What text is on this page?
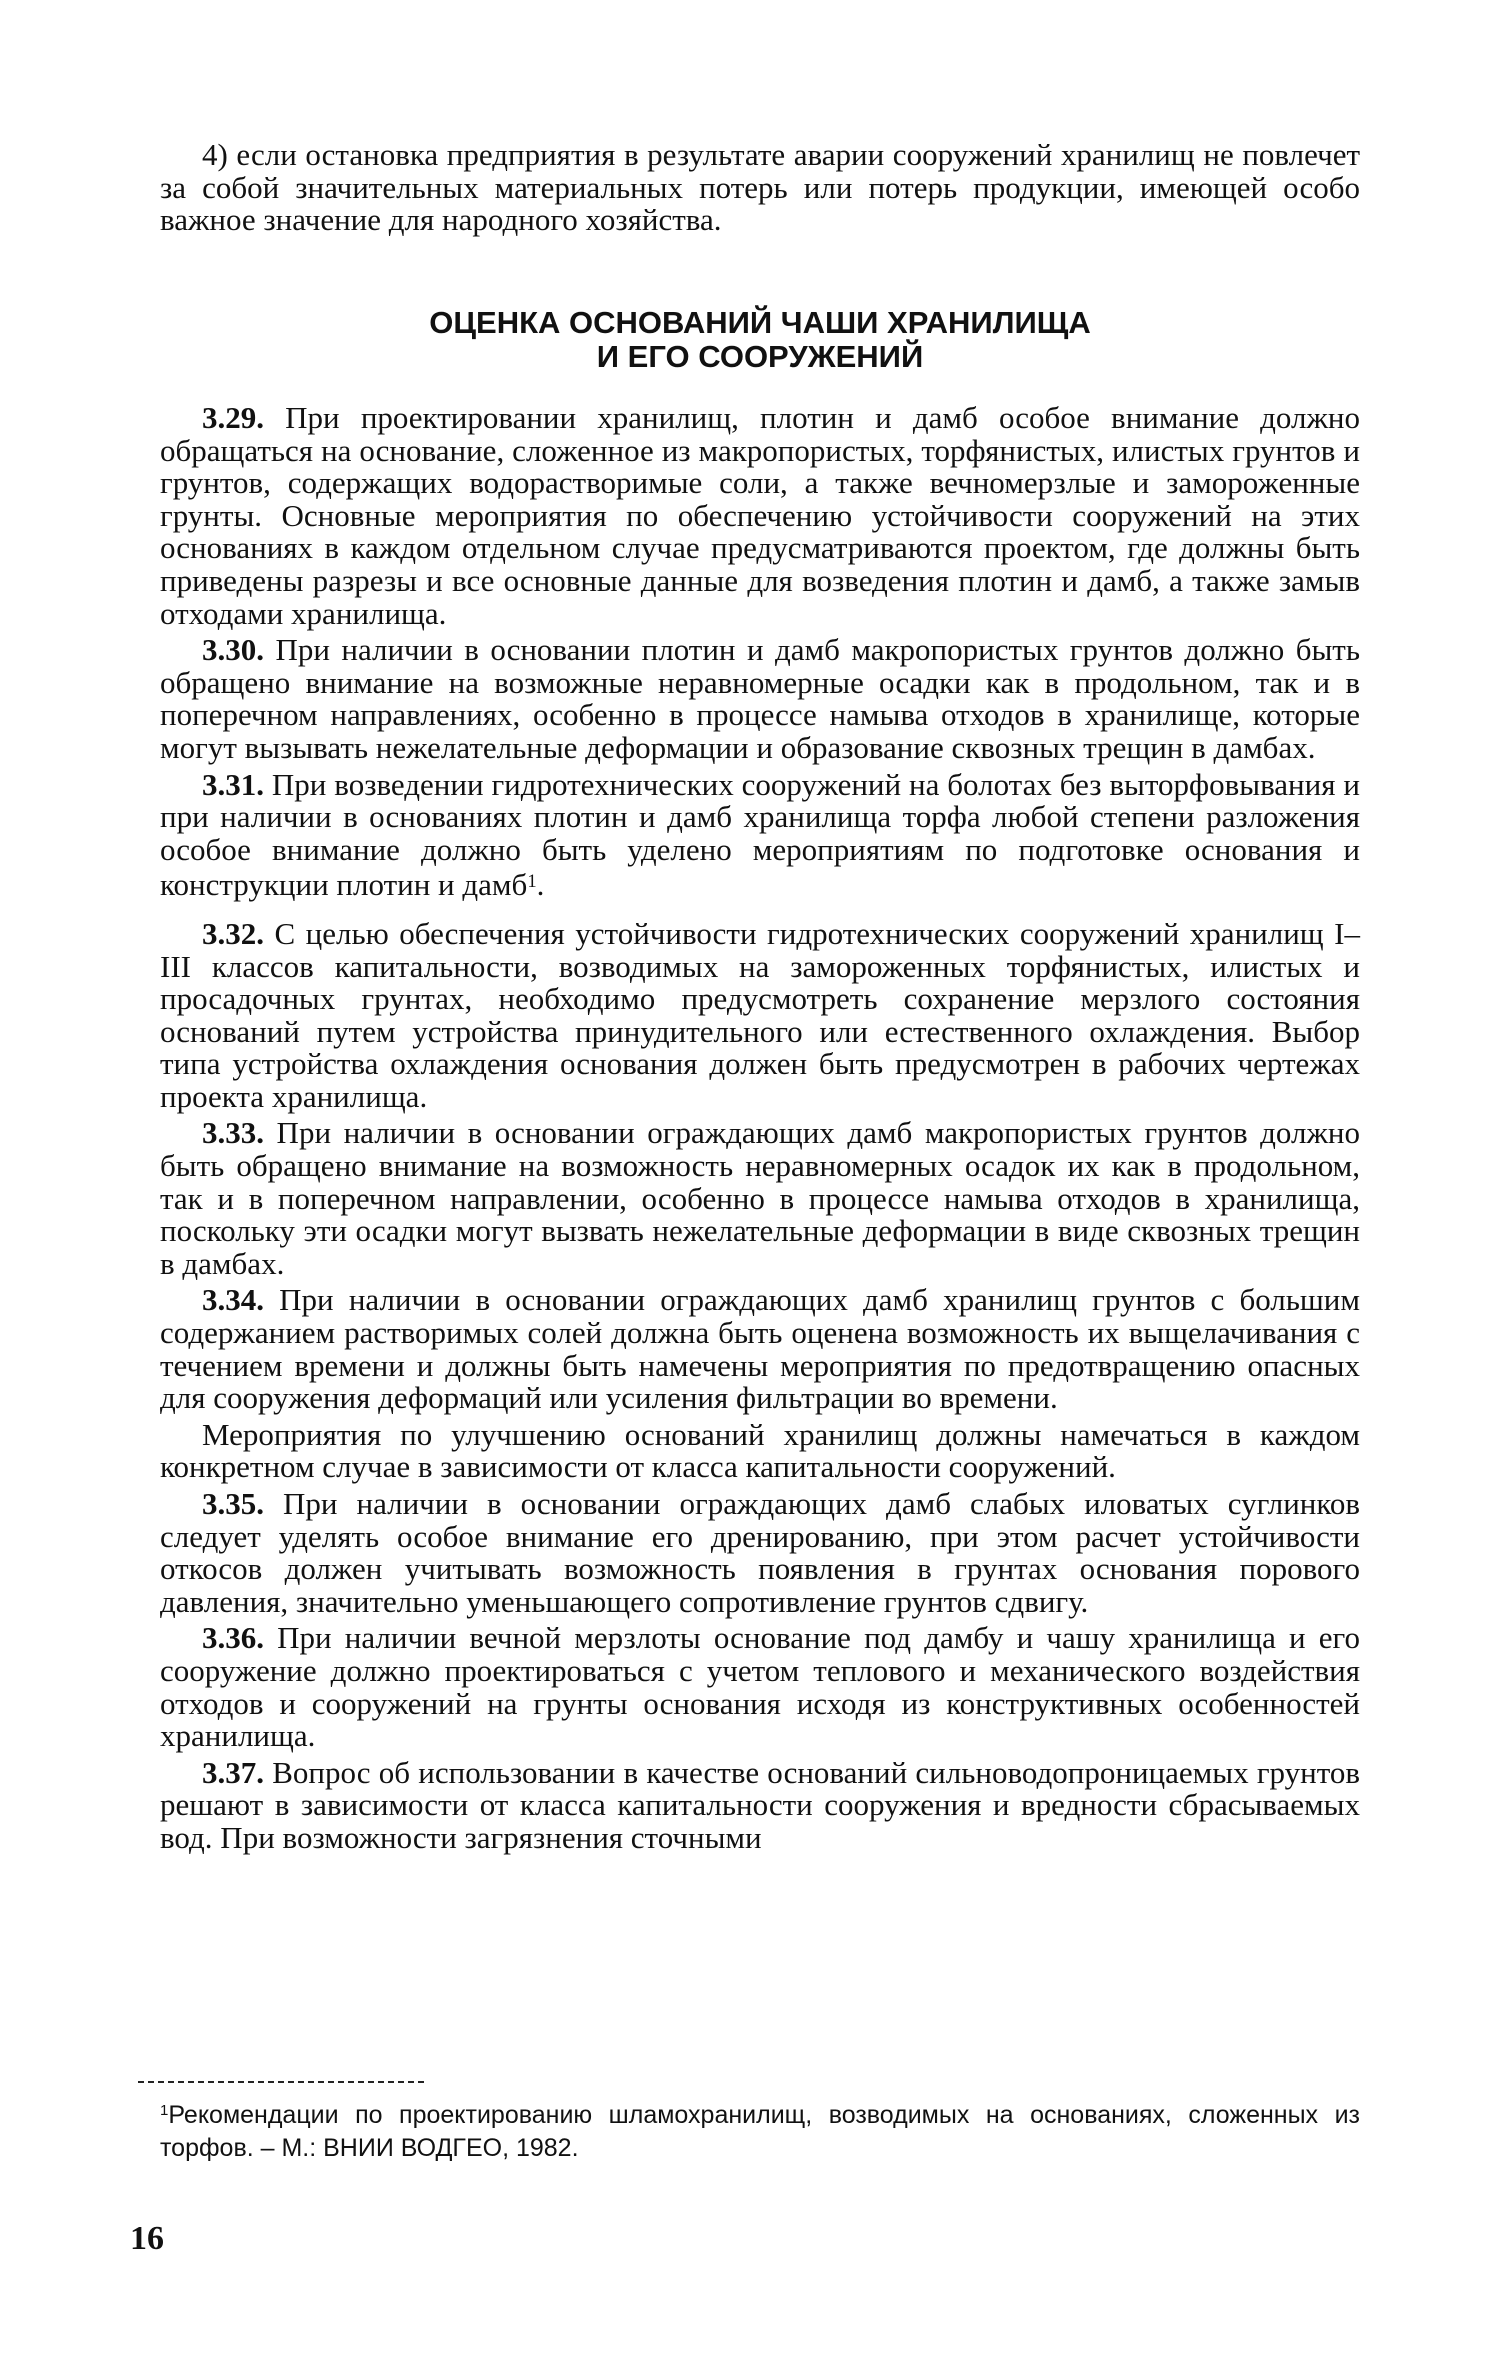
4) если остановка предприятия в результате аварии сооружений хранилищ не повлечет за собой значительных материальных потерь или потерь продукции, имеющей особо важное значение для народного хозяйства.

ОЦЕНКА ОСНОВАНИЙ ЧАШИ ХРАНИЛИЩА
И ЕГО СООРУЖЕНИЙ

3.29. При проектировании хранилищ, плотин и дамб особое внимание должно обращаться на основание, сложенное из макропористых, торфянистых, илистых грунтов и грунтов, содержащих водорастворимые соли, а также вечномерзлые и замороженные грунты. Основные мероприятия по обеспечению устойчивости сооружений на этих основаниях в каждом отдельном случае предусматриваются проектом, где должны быть приведены разрезы и все основные данные для возведения плотин и дамб, а также замыв отходами хранилища.

3.30. При наличии в основании плотин и дамб макропористых грунтов должно быть обращено внимание на возможные неравномерные осадки как в продольном, так и в поперечном направлениях, особенно в процессе намыва отходов в хранилище, которые могут вызывать нежелательные деформации и образование сквозных трещин в дамбах.

3.31. При возведении гидротехнических сооружений на болотах без выторфовывания и при наличии в основаниях плотин и дамб хранилища торфа любой степени разложения особое внимание должно быть уделено мероприятиям по подготовке основания и конструкции плотин и дамб$^1$.

3.32. С целью обеспечения устойчивости гидротехнических сооружений хранилищ I–III классов капитальности, возводимых на замороженных торфянистых, илистых и просадочных грунтах, необходимо предусмотреть сохранение мерзлого состояния оснований путем устройства принудительного или естественного охлаждения. Выбор типа устройства охлаждения основания должен быть предусмотрен в рабочих чертежах проекта хранилища.

3.33. При наличии в основании ограждающих дамб макропористых грунтов должно быть обращено внимание на возможность неравномерных осадок их как в продольном, так и в поперечном направлении, особенно в процессе намыва отходов в хранилища, поскольку эти осадки могут вызвать нежелательные деформации в виде сквозных трещин в дамбах.

3.34. При наличии в основании ограждающих дамб хранилищ грунтов с большим содержанием растворимых солей должна быть оценена возможность их выщелачивания с течением времени и должны быть намечены мероприятия по предотвращению опасных для сооружения деформаций или усиления фильтрации во времени.

Мероприятия по улучшению оснований хранилищ должны намечаться в каждом конкретном случае в зависимости от класса капитальности сооружений.

3.35. При наличии в основании ограждающих дамб слабых иловатых суглинков следует уделять особое внимание его дренированию, при этом расчет устойчивости откосов должен учитывать возможность появления в грунтах основания порового давления, значительно уменьшающего сопротивление грунтов сдвигу.

3.36. При наличии вечной мерзлоты основание под дамбу и чашу хранилища и его сооружение должно проектироваться с учетом теплового и механического воздействия отходов и сооружений на грунты основания исходя из конструктивных особенностей хранилища.

3.37. Вопрос об использовании в качестве оснований сильноводопроницаемых грунтов решают в зависимости от класса капитальности сооружения и вредности сбрасываемых вод. При возможности загрязнения сточными

$^1$Рекомендации по проектированию шламохранилищ, возводимых на основаниях, сложенных из торфов. – М.: ВНИИ ВОДГЕО, 1982.
16
